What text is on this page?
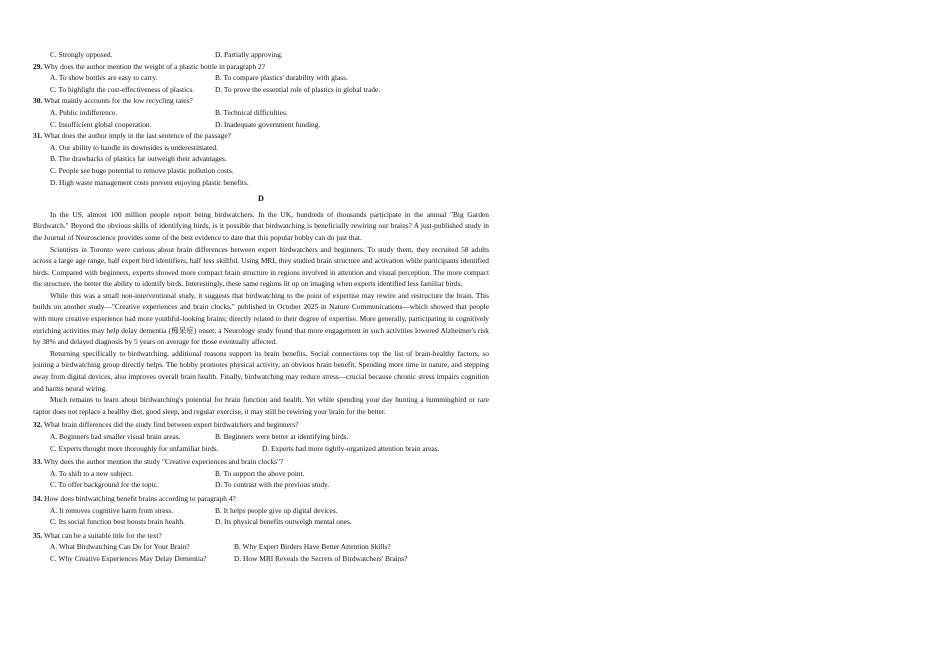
C. Strongly opposed.	D. Partially approving.
29. Why does the author mention the weight of a plastic bottle in paragraph 2?
A. To show bottles are easy to carry.	B. To compare plastics' durability with glass.
C. To highlight the cost-effectiveness of plastics.	D. To prove the essential role of plastics in global trade.
30. What mainly accounts for the low recycling rates?
A. Public indifference.	B. Technical difficulties.
C. Insufficient global cooperation.	D. Inadequate government funding.
31. What does the author imply in the last sentence of the passage?
A. Our ability to handle its downsides is underestimated.
B. The drawbacks of plastics far outweigh their advantages.
C. People see huge potential to remove plastic pollution costs.
D. High waste management costs prevent enjoying plastic benefits.
D

In the US, almost 100 million people report being birdwatchers. In the UK, hundreds of thousands participate in the annual "Big Garden Birdwatch." Beyond the obvious skills of identifying birds, is it possible that birdwatching is beneficially rewiring our brains? A just-published study in the Journal of Neuroscience provides some of the best evidence to date that this popular hobby can do just that.

Scientists in Toronto were curious about brain differences between expert birdwatchers and beginners. To study them, they recruited 58 adults across a large age range, half expert bird identifiers, half less skillful. Using MRI, they studied brain structure and activation while participants identified birds. Compared with beginners, experts showed more compact brain structure in regions involved in attention and visual perception. The more compact the structure, the better the ability to identify birds. Interestingly, these same regions lit up on imaging when experts identified less familiar birds.

While this was a small non-interventional study, it suggests that birdwatching to the point of expertise may rewire and restructure the brain. This builds on another study—"Creative experiences and brain clocks," published in October 2025 in Nature Communications—which showed that people with more creative experience had more youthful-looking brains; directly related to their degree of expertise. More generally, participating in cognitively enriching activities may help delay dementia (痴呆症) onset; a Neurology study found that more engagement in such activities lowered Alzheimer's risk by 38% and delayed diagnosis by 5 years on average for those eventually affected.

Returning specifically to birdwatching, additional reasons support its brain benefits. Social connections top the list of brain-healthy factors, so joining a birdwatching group directly helps. The hobby promotes physical activity, an obvious brain benefit. Spending more time in nature, and stepping away from digital devices, also improves overall brain health. Finally, birdwatching may reduce stress—crucial because chronic stress impairs cognition and harms neural wiring.

Much remains to learn about birdwatching's potential for brain function and health. Yet while spending your day hunting a hummingbird or rare raptor does not replace a healthy diet, good sleep, and regular exercise, it may still be rewiring your brain for the better.

32. What brain differences did the study find between expert birdwatchers and beginners?
A. Beginners had smaller visual brain areas.	B. Beginners were better at identifying birds.
C. Experts thought more thoroughly for unfamiliar birds.	D. Experts had more tightly-organized attention brain areas.
33. Why does the author mention the study "Creative experiences and brain clocks"?
A. To shift to a new subject.	B. To support the above point.
C. To offer background for the topic.	D. To contrast with the previous study.
34. How does birdwatching benefit brains according to paragraph 4?
A. It removes cognitive harm from stress.	B. It helps people give up digital devices.
C. Its social function best boosts brain health.	D. Its physical benefits outweigh mental ones.
35. What can be a suitable title for the text?
A. What Birdwatching Can Do for Your Brain?	B. Why Expert Birders Have Better Attention Skills?
C. Why Creative Experiences May Delay Dementia?	D. How MRI Reveals the Secrets of Birdwatchers' Brains?
